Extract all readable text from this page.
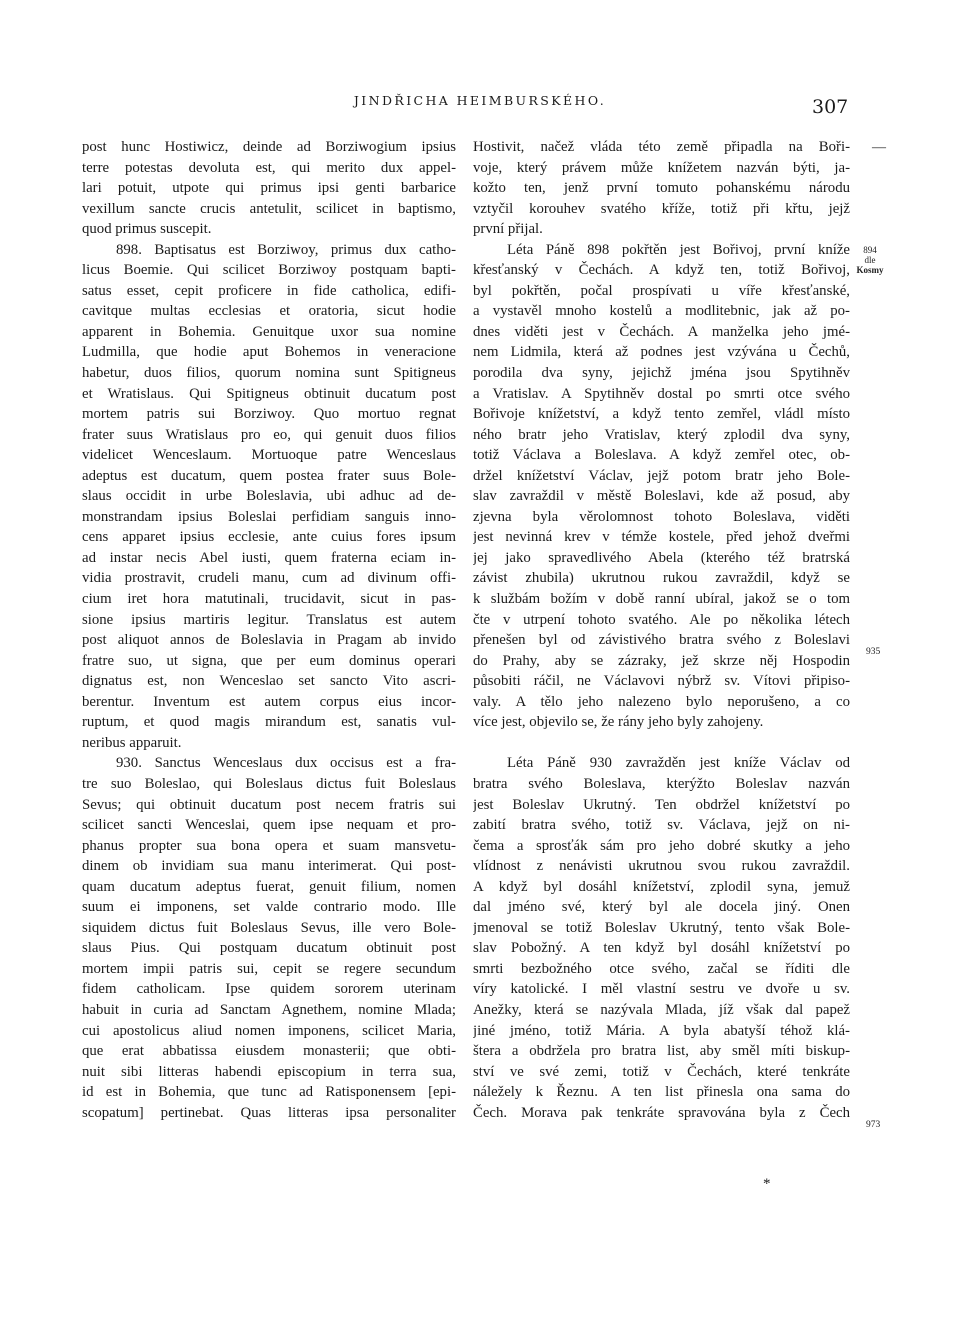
JINDŘICHA HEIMBURSKÉHO.	307
post hunc Hostiwicz, deinde ad Borziwogium ipsius
terre potestas devoluta est, qui merito dux appel-
lari potuit, utpote qui primus ipsi genti barbarice
vexillum sancte crucis antetulit, scilicet in baptismo,
quod primus suscepit.
898. Baptisatus est Borziwoy, primus dux catho-
licus Boemie. Qui scilicet Borziwoy postquam bapti-
satus esset, cepit proficere in fide catholica, edifi-
cavitque multas ecclesias et oratoria, sicut hodie
apparent in Bohemia. Genuitque uxor sua nomine
Ludmilla, que hodie aput Bohemos in veneracione
habetur, duos filios, quorum nomina sunt Spitigneus
et Wratislaus. Qui Spitigneus obtinuit ducatum post
mortem patris sui Borziwoy. Quo mortuo regnat
frater suus Wratislaus pro eo, qui genuit duos filios
videlicet Wenceslaum. Mortuoque patre Wenceslaus
adeptus est ducatum, quem postea frater suus Bole-
slaus occidit in urbe Boleslavia, ubi adhuc ad de-
monstrandam ipsius Boleslai perfidiam sanguis inno-
cens apparet ipsius ecclesie, ante cuius fores ipsum
ad instar necis Abel iusti, quem fraterna eciam in-
vidia prostravit, crudeli manu, cum ad divinum offi-
cium iret hora matutinali, trucidavit, sicut in pas-
sione ipsius martiris legitur. Translatus est autem
post aliquot annos de Boleslavia in Pragam ab invido
fratre suo, ut signa, que per eum dominus operari
dignatus est, non Wenceslao set sancto Vito ascri-
berentur. Inventum est autem corpus eius incor-
ruptum, et quod magis mirandum est, sanatis vul-
neribus apparuit.
930. Sanctus Wenceslaus dux occisus est a fra-
tre suo Boleslao, qui Boleslaus dictus fuit Boleslaus
Sevus; qui obtinuit ducatum post necem fratris sui
scilicet sancti Wenceslai, quem ipse nequam et pro-
phanus propter sua bona opera et suam mansvetu-
dinem ob invidiam sua manu interimerat. Qui post-
quam ducatum adeptus fuerat, genuit filium, nomen
suum ei imponens, set valde contrario modo. Ille
siquidem dictus fuit Boleslaus Sevus, ille vero Bole-
slaus Pius. Qui postquam ducatum obtinuit post
mortem impii patris sui, cepit se regere secundum
fidem catholicam. Ipse quidem sororem uterinam
habuit in curia ad Sanctam Agnethem, nomine Mlada;
cui apostolicus aliud nomen imponens, scilicet Maria,
que erat abbatissa eiusdem monasterii; que obti-
nuit sibi litteras habendi episcopium in terra sua,
id est in Bohemia, que tunc ad Ratisponensem [epi-
scopatum] pertinebat. Quas litteras ipsa personaliter
Hostivit, načež vláda této země připadla na Boři-
voje, který právem může knížetem nazván býti, ja-
kožto ten, jenž první tomuto pohanskému národu
vztyčil korouhev svatého kříže, totiž při křtu, jejž
první přijal.
Léta Páně 898 pokřtěn jest Bořivoj, první kníže
křesťanský v Čechách. A když ten, totiž Bořivoj,
byl pokřtěn, počal prospívati u víře křesťanské,
a vystavěl mnoho kostelů a modlitebnic, jak až po-
dnes viděti jest v Čechách. A manželka jeho jmé-
nem Lidmila, která až podnes jest vzývána u Čechů,
porodila dva syny, jejichž jména jsou Spytihněv
a Vratislav. A Spytihněv dostal po smrti otce svého
Bořivoje knížetství, a když tento zemřel, vládl místo
ného bratr jeho Vratislav, který zplodil dva syny,
totiž Václava a Boleslava. A když zemřel otec, ob-
držel knížetství Václav, jejž potom bratr jeho Bole-
slav zavraždil v městě Boleslavi, kde až posud, aby
zjevna byla věrolomnost tohoto Boleslava, viděti
jest nevinná krev v témže kostele, před jehož dveřmi
jej jako spravedlivého Abela (kterého též bratrská
závist zhubila) ukrutnou rukou zavraždil, když se
k službám božím v době ranní ubíral, jakož se o tom
čte v utrpení tohoto svatého. Ale po několika létech
přenešen byl od závistivého bratra svého z Boleslavi
do Prahy, aby se zázraky, jež skrze něj Hospodin
působiti ráčil, ne Václavovi nýbrž sv. Vítovi připiso-
valy. A tělo jeho nalezeno bylo neporušeno, a co
více jest, objevilo se, že rány jeho byly zahojeny.
Léta Páně 930 zavražděn jest kníže Václav od
bratra svého Boleslava, kterýžto Boleslav nazván
jest Boleslav Ukrutný. Ten obdržel knížetství po
zabití bratra svého, totiž sv. Václava, jejž on ni-
čema a sprosťák sám pro jeho dobré skutky a jeho
vlídnost z nenávisti ukrutnou svou rukou zavraždil.
A když byl dosáhl knížetství, zplodil syna, jemuž
dal jméno své, který byl ale docela jiný. Onen
jmenoval se totiž Boleslav Ukrutný, tento však Bole-
slav Pobožný. A ten když byl dosáhl knížetství po
smrti bezbožného otce svého, začal se říditi dle
víry katolické. I měl vlastní sestru ve dvoře u sv.
Anežky, která se nazývala Mlada, jíž však dal papež
jiné jméno, totiž Mária. A byla abatyší téhož klá-
štera a obdržela pro bratra list, aby směl míti biskup-
ství ve své zemi, totiž v Čechách, které tenkráte
náležely k Řeznu. A ten list přinesla ona sama do
Čech. Morava pak tenkráte spravována byla z Čech
—
894
dle
Kosmy
935
973
*
